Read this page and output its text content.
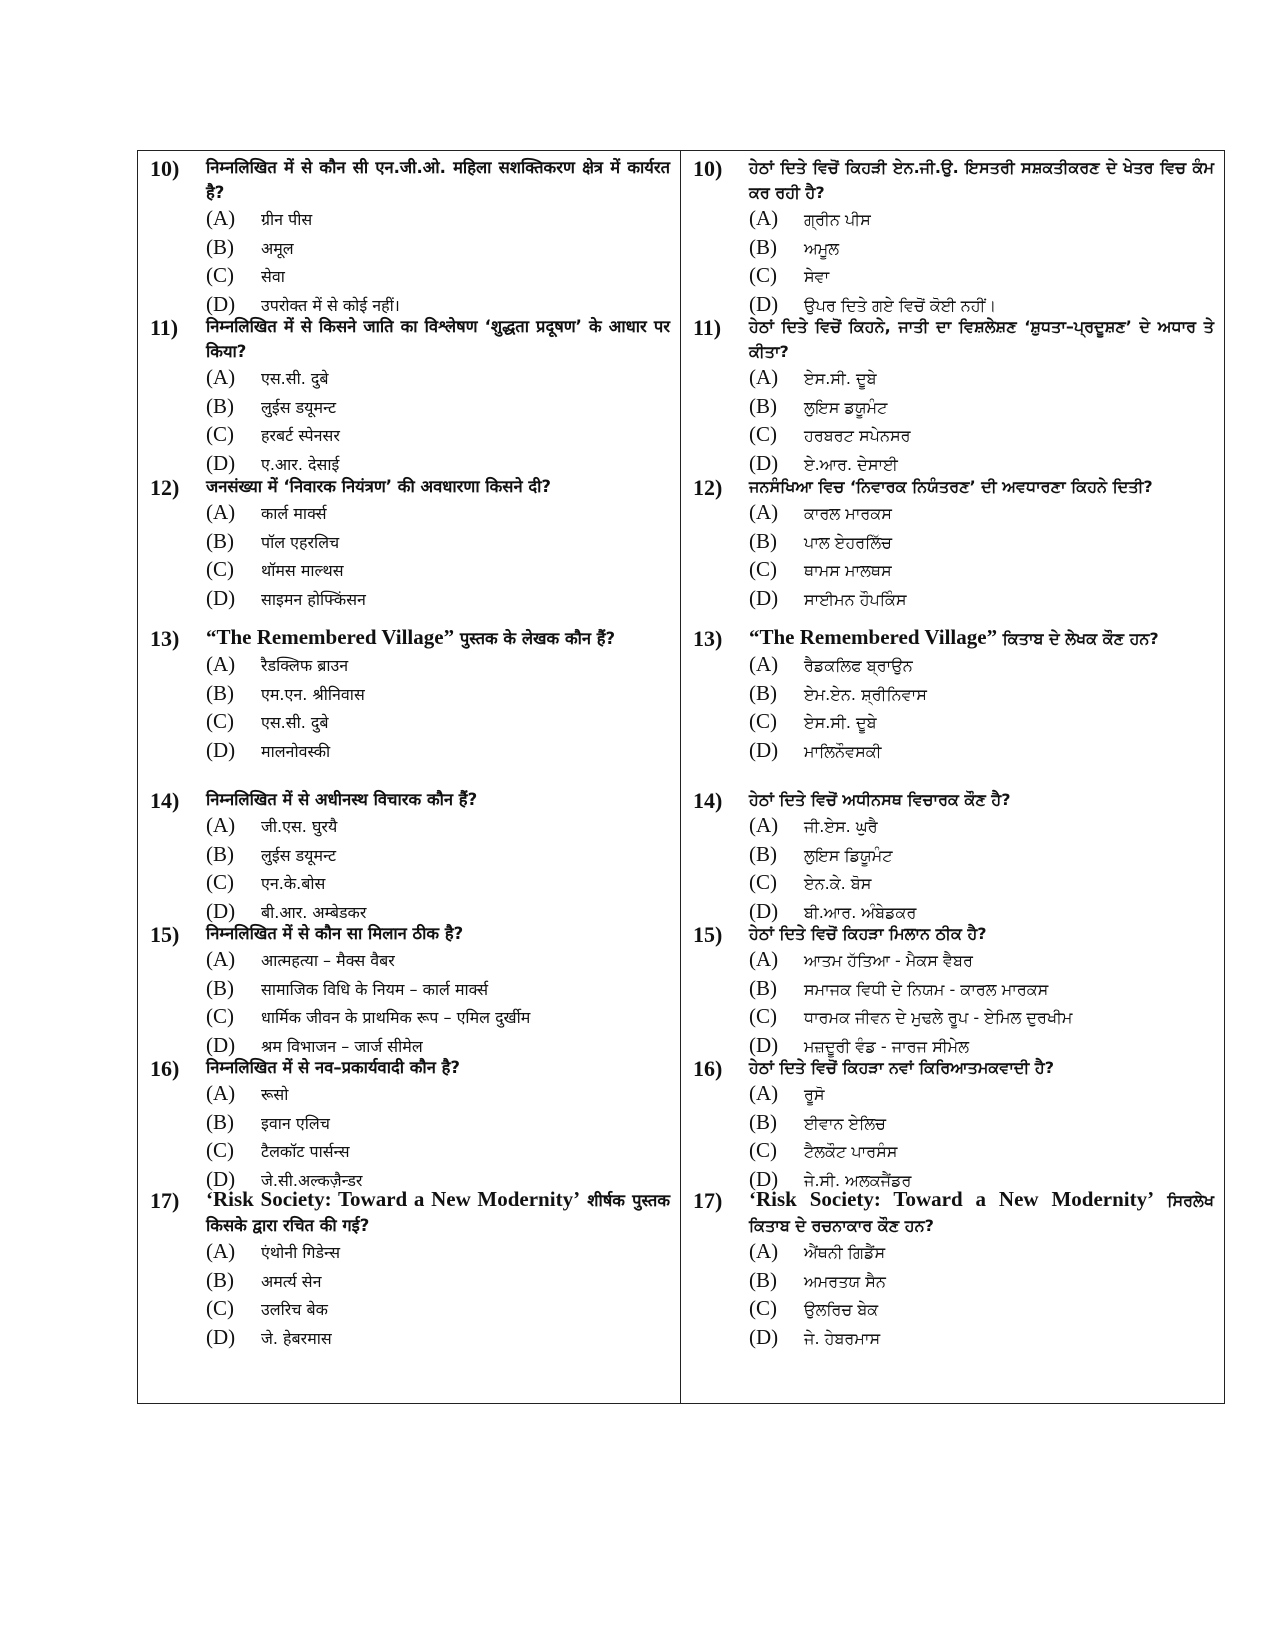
10)	निम्नलिखित में से कौन सी एन.जी.ओ. महिला सशक्तिकरण क्षेत्र में कार्यरत है?
(A)	ग्रीन पीस
(B)	अमूल
(C)	सेवा
(D)	उपरोक्त में से कोई नहीं।
11)	निम्नलिखित में से किसने जाति का विश्लेषण ‘शुद्धता प्रदूषण’ के आधार पर किया?
(A)	एस.सी. दुबे
(B)	लुईस डयूमन्ट
(C)	हरबर्ट स्पेनसर
(D)	ए.आर. देसाई
12)	जनसंख्या में ‘निवारक नियंत्रण’ की अवधारणा किसने दी?
(A)	कार्ल मार्क्स
(B)	पॉल एहरलिच
(C)	थॉमस माल्थस
(D)	साइमन होफ्किंसन
13)	“The Remembered Village” पुस्तक के लेखक कौन हैं?
(A)	रैडक्लिफ ब्राउन
(B)	एम.एन. श्रीनिवास
(C)	एस.सी. दुबे
(D)	मालनोवस्की
14)	निम्नलिखित में से अधीनस्थ विचारक कौन हैं?
(A)	जी.एस. घुरयै
(B)	लुईस डयूमन्ट
(C)	एन.के.बोस
(D)	बी.आर. अम्बेडकर
15)	निम्नलिखित में से कौन सा मिलान ठीक है?
(A)	आत्महत्या – मैक्स वैबर
(B)	सामाजिक विधि के नियम – कार्ल मार्क्स
(C)	धार्मिक जीवन के प्राथमिक रूप – एमिल दुर्खीम
(D)	श्रम विभाजन – जार्ज सीमेल
16)	निम्नलिखित में से नव–प्रकार्यवादी कौन है?
(A)	रूसो
(B)	इवान एलिच
(C)	टैलकॉट पार्सन्स
(D)	जे.सी.अल्कज़ैन्डर
17)	‘Risk Society: Toward a New Modernity’ शीर्षक पुस्तक किसके द्वारा रचित की गई?
(A)	एंथोनी गिडेन्स
(B)	अमर्त्य सेन
(C)	उलरिच बेक
(D)	जे. हेबरमास
10)	ਹੇਠਾਂ ਦਿਤੇ ਵਿਚੋਂ ਕਿਹੜੀ ਏਨ.ਜੀ.ਉ. ਇਸਤਰੀ ਸਸ਼ਕਤੀਕਰਣ ਦੇ ਖੇਤਰ ਵਿਚ ਕੰਮ ਕਰ ਰਹੀ ਹੈ?
(A)	ਗ੍ਰੀਨ ਪੀਸ
(B)	ਅਮੂਲ
(C)	ਸੇਵਾ
(D)	ਉਪਰ ਦਿਤੇ ਗਏ ਵਿਚੋਂ ਕੋਈ ਨਹੀਂ।
11)	ਹੇਠਾਂ ਦਿਤੇ ਵਿਚੋਂ ਕਿਹਨੇ, ਜਾਤੀ ਦਾ ਵਿਸ਼ਲੇਸ਼ਣ ‘ਸ਼ੁਧਤਾ–ਪ੍ਰਦੂਸ਼ਣ’ ਦੇ ਅਧਾਰ ਤੇ ਕੀਤਾ?
(A)	ਏਸ.ਸੀ. ਦੂਬੇ
(B)	ਲੁਇਸ ਡਯੂਮੰਟ
(C)	ਹਰਬਰਟ ਸਪੇਨਸਰ
(D)	ਏ.ਆਰ. ਦੇਸਾਈ
12)	ਜਨਸੰਖਿਆ ਵਿਚ ‘ਨਿਵਾਰਕ ਨਿਯੰਤਰਣ’ ਦੀ ਅਵਧਾਰਣਾ ਕਿਹਨੇ ਦਿਤੀ?
(A)	ਕਾਰਲ ਮਾਰਕਸ
(B)	ਪਾਲ ਏਹਰਲਿੱਚ
(C)	ਥਾਮਸ ਮਾਲਥਸ
(D)	ਸਾਈਮਨ ਹੌਪਕਿੰਸ
13)	“The Remembered Village” ਕਿਤਾਬ ਦੇ ਲੇਖਕ ਕੌਣ ਹਨ?
(A)	ਰੈਡਕਲਿਫ ਬ੍ਰਾਉਨ
(B)	ਏਮ.ਏਨ. ਸ਼੍ਰੀਨਿਵਾਸ
(C)	ਏਸ.ਸੀ. ਦੂਬੇ
(D)	ਮਾਲਿਨੌਵਸਕੀ
14)	ਹੇਠਾਂ ਦਿਤੇ ਵਿਚੋਂ ਅਧੀਨਸਥ ਵਿਚਾਰਕ ਕੌਣ ਹੈ?
(A)	ਜੀ.ਏਸ. ਘੁਰੈ
(B)	ਲੁਇਸ ਡਿਯੂਮੰਟ
(C)	ਏਨ.ਕੇ. ਬੋਸ
(D)	ਬੀ.ਆਰ. ਅੰਬੇਡਕਰ
15)	ਹੇਠਾਂ ਦਿਤੇ ਵਿਚੋਂ ਕਿਹੜਾ ਮਿਲਾਨ ਠੀਕ ਹੈ?
(A)	ਆਤਮ ਹੱਤਿਆ - ਮੈਕਸ ਵੈਬਰ
(B)	ਸਮਾਜਕ ਵਿਧੀ ਦੇ ਨਿਯਮ - ਕਾਰਲ ਮਾਰਕਸ
(C)	ਧਾਰਮਕ ਜੀਵਨ ਦੇ ਮੁਢਲੇ ਰੂਪ - ਏਮਿਲ ਦੁਰਖੀਮ
(D)	ਮਜ਼ਦੂਰੀ ਵੰਡ - ਜਾਰਜ ਸੀਮੇਲ
16)	ਹੇਠਾਂ ਦਿਤੇ ਵਿਚੋਂ ਕਿਹੜਾ ਨਵਾਂ ਕਿਰਿਆਤਮਕਵਾਦੀ ਹੈ?
(A)	ਰੂਸੋ
(B)	ਈਵਾਨ ਏਲਿਚ
(C)	ਟੈਲਕੌਟ ਪਾਰਸੰਸ
(D)	ਜੇ.ਸੀ. ਅਲਕਜੈਂਡਰ
17)	‘Risk Society: Toward a New Modernity’ ਸਿਰਲੇਖ ਕਿਤਾਬ ਦੇ ਰਚਨਾਕਾਰ ਕੌਣ ਹਨ?
(A)	ਐਂਥਨੀ ਗਿਡੈਂਸ
(B)	ਅਮਰਤਯ ਸੈਨ
(C)	ਉਲਰਿਚ ਬੇਕ
(D)	ਜੇ. ਹੇਬਰਮਾਸ
